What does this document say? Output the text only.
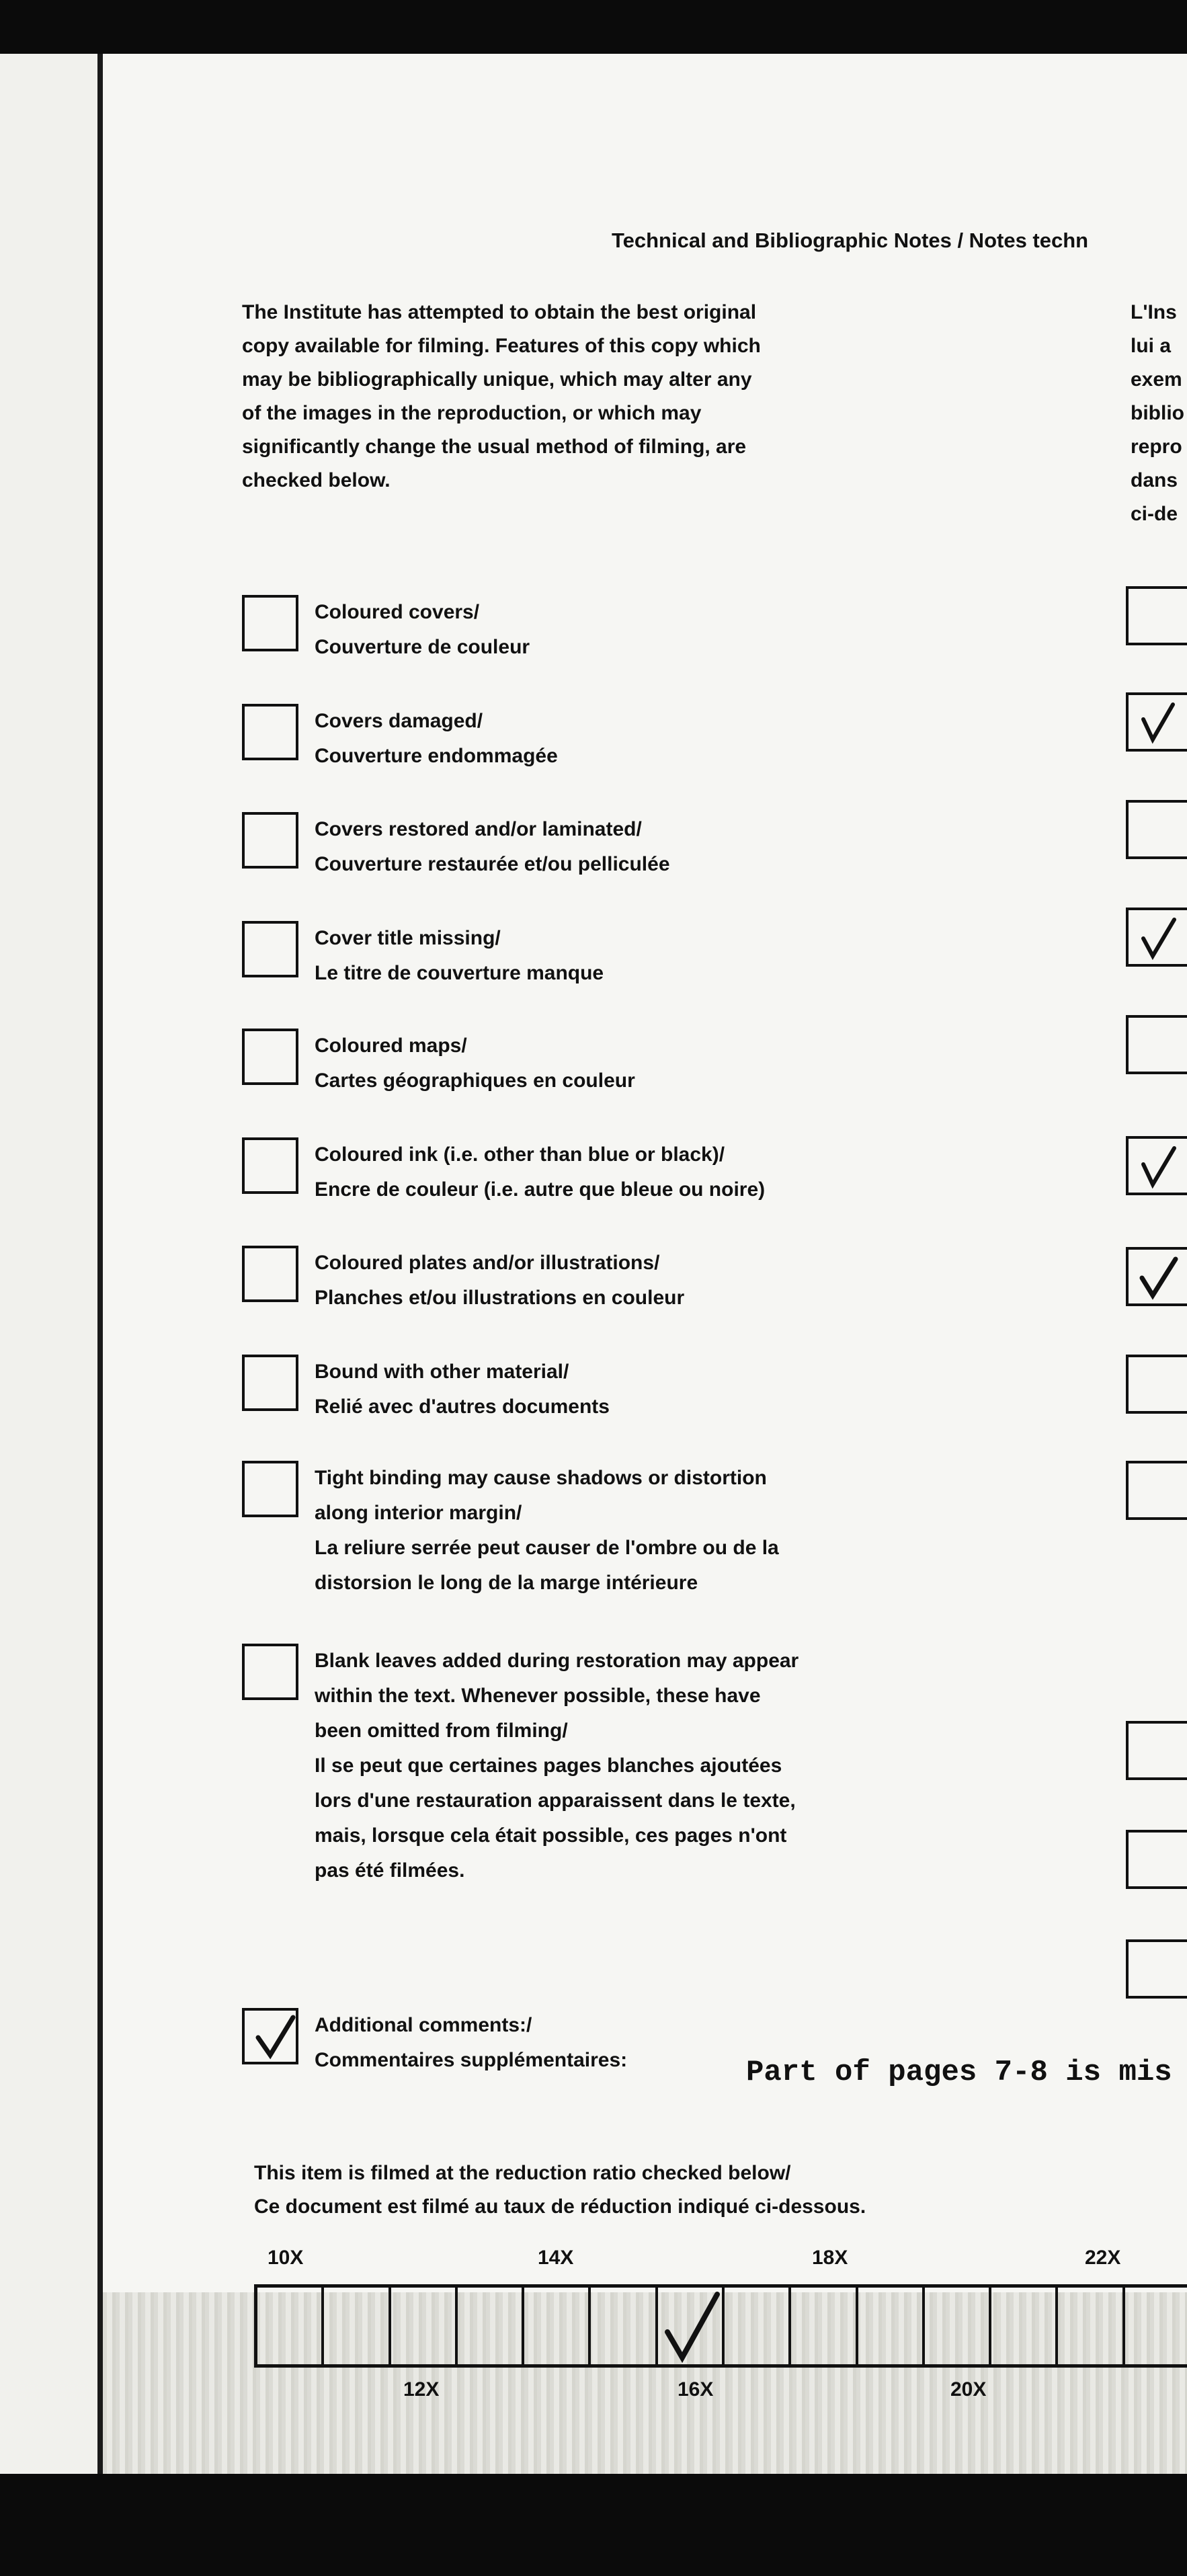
Technical and Bibliographic Notes / Notes techn
The Institute has attempted to obtain the best original
copy available for filming. Features of this copy which
may be bibliographically unique, which may alter any
of the images in the reproduction, or which may
significantly change the usual method of filming, are
checked below.
L'Ins
lui a
exem
biblio
repro
dans
ci-de
Coloured covers/
Couverture de couleur
Covers damaged/
Couverture endommagée
Covers restored and/or laminated/
Couverture restaurée et/ou pelliculée
Cover title missing/
Le titre de couverture manque
Coloured maps/
Cartes géographiques en couleur
Coloured ink (i.e. other than blue or black)/
Encre de couleur (i.e. autre que bleue ou noire)
Coloured plates and/or illustrations/
Planches et/ou illustrations en couleur
Bound with other material/
Relié avec d'autres documents
Tight binding may cause shadows or distortion
along interior margin/
La reliure serrée peut causer de l'ombre ou de la
distorsion le long de la marge intérieure
Blank leaves added during restoration may appear
within the text. Whenever possible, these have
been omitted from filming/
Il se peut que certaines pages blanches ajoutées
lors d'une restauration apparaissent dans le texte,
mais, lorsque cela était possible, ces pages n'ont
pas été filmées.
Additional comments:/
Commentaires supplémentaires:	Part of pages 7-8 is mis
This item is filmed at the reduction ratio checked below/
Ce document est filmé au taux de réduction indiqué ci-dessous.
10X	14X	18X	22X
12X	16X	20X
